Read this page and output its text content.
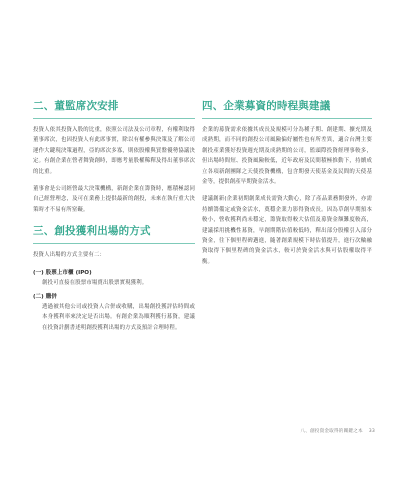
二、董監席次安排

投資人依其投資入股的比重，依照公司法及公司章程，有權利取得董事席次，也因投資人有此席事實，除以有權參與決策及了解公司運作大鍵現決策過程，亞的席次多寡，則依股權與買盤優勢協議決定。有創企業在營者舞資創時，即應考量股權稀釋及得出董事席次的比重。

董事會是公司經營最大決策機構，新創企業在籌資時，應積極認同自己經營理念，及可在業務上提供最新的創投，未來在執行重大決策時才不易有所窒礙。

三、創投獲利出場的方式

投資人出場的方式主要有二：

(一) 股票上市櫃 (IPO)

創投可直接在股票市場賣出股票實現獲利。

(二) 購併

透過被其他公司或投資人合併或收購，出場創投獲評估時間或本身獲利率來決定是否出場。有創企業為順利獲行募資，建議在投資計劃書述明創投獲利出場的方式及預計合理時程。

四、企業募資的時程與建議

企業的募資需求依據其成長及規模可分為種子期、創建期、擴充期及成熟期，而不同的創投公司風險偏好屬性也有所差異，適合台灣主要創投產業獲好投資週充期及成熟期的公司，監頭際投資經理事較多，但出場時間短、投資風險較低，近年政府及民間積極推動下，持續成立各項新創團隊之天使投資機構，包含期發天使基金及民間的天使基金等，提供創產早期資金活水。

建議創新(企業初期創業成長需資大動心，除了產品業務開發外，亦需持續籌備定或資金活水，奠穩企業力影得資成長。因為草創早期預本較小，營收獲利尚未穩定，籌資取得較大估值及募資金額難度較高，建議採用挑機性募資，早創期階估值較低時，釋出部分股權引入部分資金，往下個里程碑邁進，隨著創業規模下時估值提升，進行次輪融資取得下個里程碑的資金活水，較可於資金活水與可估股權取得平衡。

八、創投資金取得的關鍵之本 33
